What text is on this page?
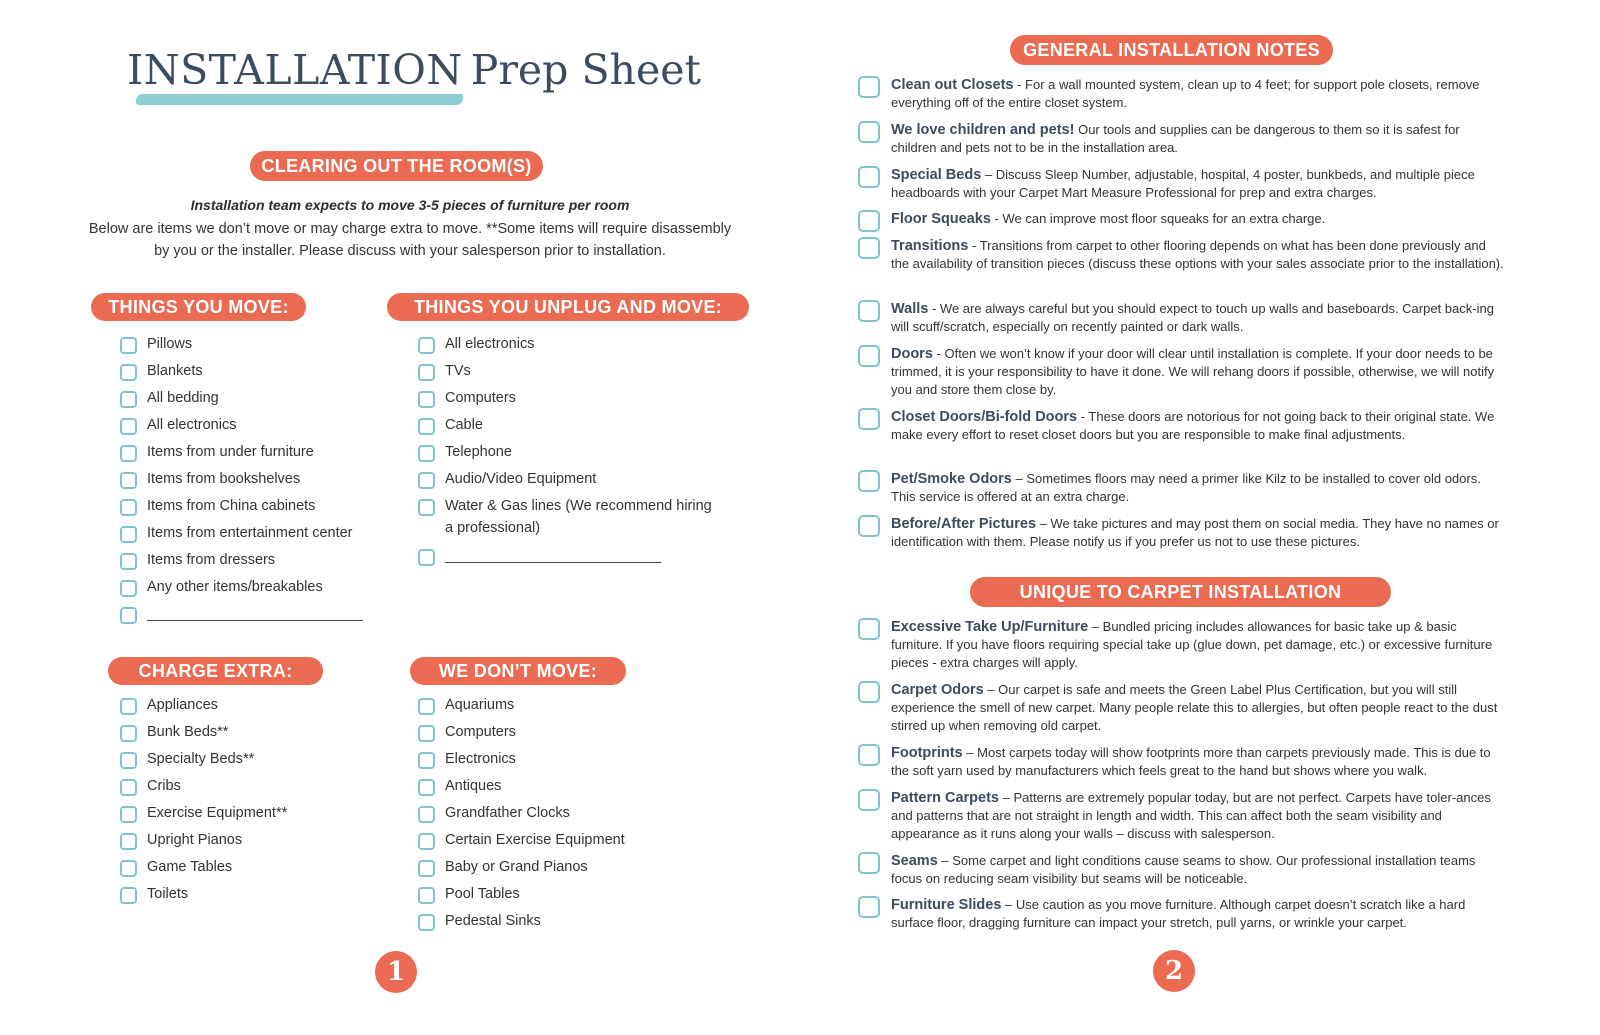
INSTALLATION Prep Sheet
CLEARING OUT THE ROOM(S)
Installation team expects to move 3-5 pieces of furniture per room
Below are items we don’t move or may charge extra to move. **Some items will require disassembly
by you or the installer. Please discuss with your salesperson prior to installation.
THINGS YOU MOVE:
Pillows
Blankets
All bedding
All electronics
Items from under furniture
Items from bookshelves
Items from China cabinets
Items from entertainment center
Items from dressers
Any other items/breakables
THINGS YOU UNPLUG AND MOVE:
All electronics
TVs
Computers
Cable
Telephone
Audio/Video Equipment
Water & Gas lines (We recommend hiring
a professional)
CHARGE EXTRA:
Appliances
Bunk Beds**
Specialty Beds**
Cribs
Exercise Equipment**
Upright Pianos
Game Tables
Toilets
WE DON’T MOVE:
Aquariums
Computers
Electronics
Antiques
Grandfather Clocks
Certain Exercise Equipment
Baby or Grand Pianos
Pool Tables
Pedestal Sinks
1
GENERAL INSTALLATION NOTES
Clean out Closets - For a wall mounted system, clean up to 4 feet; for support pole closets, remove everything off of the entire closet system.
We love children and pets! Our tools and supplies can be dangerous to them so it is safest for children and pets not to be in the installation area.
Special Beds – Discuss Sleep Number, adjustable, hospital, 4 poster, bunkbeds, and multiple piece headboards with your Carpet Mart Measure Professional for prep and extra charges.
Floor Squeaks - We can improve most floor squeaks for an extra charge.
Transitions - Transitions from carpet to other flooring depends on what has been done previously and the availability of transition pieces (discuss these options with your sales associate prior to the installation).
Walls - We are always careful but you should expect to touch up walls and baseboards. Carpet back-ing will scuff/scratch, especially on recently painted or dark walls.
Doors - Often we won’t know if your door will clear until installation is complete. If your door needs to be trimmed, it is your responsibility to have it done. We will rehang doors if possible, otherwise, we will notify you and store them close by.
Closet Doors/Bi-fold Doors - These doors are notorious for not going back to their original state. We make every effort to reset closet doors but you are responsible to make final adjustments.
Pet/Smoke Odors – Sometimes floors may need a primer like Kilz to be installed to cover old odors. This service is offered at an extra charge.
Before/After Pictures – We take pictures and may post them on social media. They have no names or identification with them. Please notify us if you prefer us not to use these pictures.
UNIQUE TO CARPET INSTALLATION
Excessive Take Up/Furniture – Bundled pricing includes allowances for basic take up & basic furniture. If you have floors requiring special take up (glue down, pet damage, etc.) or excessive furniture pieces - extra charges will apply.
Carpet Odors – Our carpet is safe and meets the Green Label Plus Certification, but you will still experience the smell of new carpet. Many people relate this to allergies, but often people react to the dust stirred up when removing old carpet.
Footprints – Most carpets today will show footprints more than carpets previously made. This is due to the soft yarn used by manufacturers which feels great to the hand but shows where you walk.
Pattern Carpets – Patterns are extremely popular today, but are not perfect. Carpets have toler-ances and patterns that are not straight in length and width. This can affect both the seam visibility and appearance as it runs along your walls – discuss with salesperson.
Seams – Some carpet and light conditions cause seams to show. Our professional installation teams focus on reducing seam visibility but seams will be noticeable.
Furniture Slides – Use caution as you move furniture. Although carpet doesn’t scratch like a hard surface floor, dragging furniture can impact your stretch, pull yarns, or wrinkle your carpet.
2
